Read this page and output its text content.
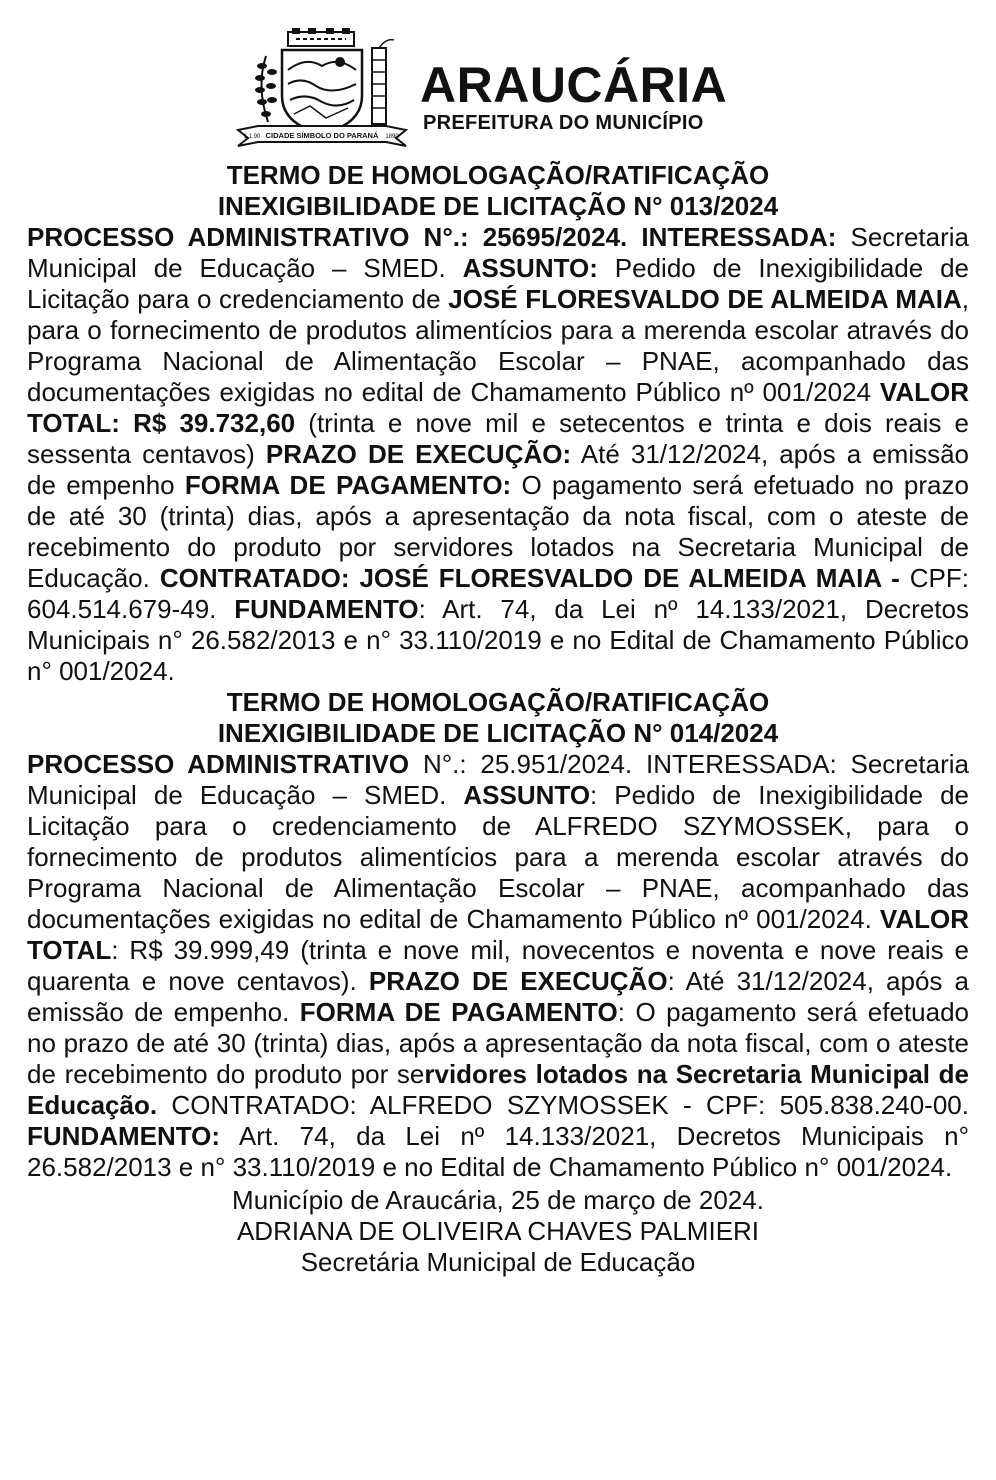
CIDADE SÍMBOLO DO PARANÁ
1.1.90	1890
ARAUCÁRIA
PREFEITURA DO MUNICÍPIO

TERMO DE HOMOLOGAÇÃO/RATIFICAÇÃO

INEXIGIBILIDADE DE LICITAÇÃO N° 013/2024

PROCESSO ADMINISTRATIVO N°.: 25695/2024. INTERESSADA: Secretaria Municipal de Educação – SMED. ASSUNTO: Pedido de Inexigibilidade de Licitação para o credenciamento de JOSÉ FLORESVALDO DE ALMEIDA MAIA, para o fornecimento de produtos alimentícios para a merenda escolar através do Programa Nacional de Alimentação Escolar – PNAE, acompanhado das documentações exigidas no edital de Chamamento Público nº 001/2024 VALOR TOTAL: R$ 39.732,60 (trinta e nove mil e setecentos e trinta e dois reais e sessenta centavos) PRAZO DE EXECUÇÃO: Até 31/12/2024, após a emissão de empenho FORMA DE PAGAMENTO: O pagamento será efetuado no prazo de até 30 (trinta) dias, após a apresentação da nota fiscal, com o ateste de recebimento do produto por servidores lotados na Secretaria Municipal de Educação. CONTRATADO: JOSÉ FLORESVALDO DE ALMEIDA MAIA - CPF: 604.514.679-49. FUNDAMENTO: Art. 74, da Lei nº 14.133/2021, Decretos Municipais n° 26.582/2013 e n° 33.110/2019 e no Edital de Chamamento Público n° 001/2024.

TERMO DE HOMOLOGAÇÃO/RATIFICAÇÃO

INEXIGIBILIDADE DE LICITAÇÃO N° 014/2024

PROCESSO ADMINISTRATIVO N°.: 25.951/2024. INTERESSADA: Secretaria Municipal de Educação – SMED. ASSUNTO: Pedido de Inexigibilidade de Licitação para o credenciamento de ALFREDO SZYMOSSEK, para o fornecimento de produtos alimentícios para a merenda escolar através do Programa Nacional de Alimentação Escolar – PNAE, acompanhado das documentações exigidas no edital de Chamamento Público nº 001/2024. VALOR TOTAL: R$ 39.999,49 (trinta e nove mil, novecentos e noventa e nove reais e quarenta e nove centavos). PRAZO DE EXECUÇÃO: Até 31/12/2024, após a emissão de empenho. FORMA DE PAGAMENTO: O pagamento será efetuado no prazo de até 30 (trinta) dias, após a apresentação da nota fiscal, com o ateste de recebimento do produto por servidores lotados na Secretaria Municipal de Educação. CONTRATADO: ALFREDO SZYMOSSEK - CPF: 505.838.240-00. FUNDAMENTO: Art. 74, da Lei nº 14.133/2021, Decretos Municipais n° 26.582/2013 e n° 33.110/2019 e no Edital de Chamamento Público n° 001/2024.

Município de Araucária, 25 de março de 2024.

ADRIANA DE OLIVEIRA CHAVES PALMIERI

Secretária Municipal de Educação
